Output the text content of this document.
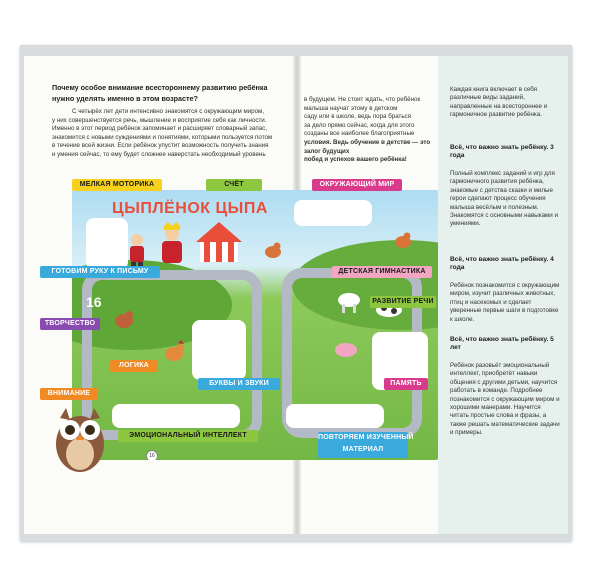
Почему особое внимание всестороннему развитию ребёнка нужно уделять именно в этом возрасте?
С четырёх лет дети интенсивно знакомятся с окружающим миром,
у них совершенствуется речь, мышление и восприятие себя как личности.
Именно в этот период ребёнок запоминает и расширяет словарный запас,
знакомится с новыми суждениями и понятиями, которыми пользуется потом
в течение всей жизни. Если ребёнок упустит возможность получить знания
и умения сейчас, то ему будет сложнее наверстать необходимый уровень
в будущем. Не стоит ждать, что ребёнок
малыша научат этому в детском
саду или в школе, ведь пора браться
за дело прямо сейчас, когда для этого
созданы все наиболее благоприятные
условия. Ведь обучение в детстве — это залог будущих
побед и успехов вашего ребёнка!
Каждая книга включает в себя различные виды заданий, направленные на всестороннее и гармоничное развитие ребёнка.
Всё, что важно знать ребёнку. 3 года
Полный комплекс заданий и игр для гармоничного развития ребёнка, знакомые с детства сказки и милые герои сделают процесс обучения малыша весёлым и полезным. Знакомятся с основными навыками и умениями.
Всё, что важно знать ребёнку. 4 года
Ребёнок познакомится с окружающим миром, изучит различных животных, птиц и насекомых и сделает уверенные первые шаги в подготовке к школе.
Всё, что важно знать ребёнку. 5 лет
Ребёнок разовьёт эмоциональный интеллект, приобретёт навыки общения с другими детьми, научится работать в команде. Подробнее познакомится с окружающим миром и хорошими манерами. Научится читать простые слова и фразы, а также решать математические задачи и примеры.
ЦЫПЛЁНОК ЦЫПА
16
16
МЕЛКАЯ МОТОРИКА	СЧЁТ	ОКРУЖАЮЩИЙ МИР
ГОТОВИМ РУКУ К ПИСЬМУ	ДЕТСКАЯ ГИМНАСТИКА
РАЗВИТИЕ РЕЧИ
ТВОРЧЕСТВО
ЛОГИКА
БУКВЫ И ЗВУКИ	ПАМЯТЬ
ВНИМАНИЕ
ЭМОЦИОНАЛЬНЫЙ ИНТЕЛЛЕКТ	ПОВТОРЯЕМ ИЗУЧЕННЫЙ
МАТЕРИАЛ
